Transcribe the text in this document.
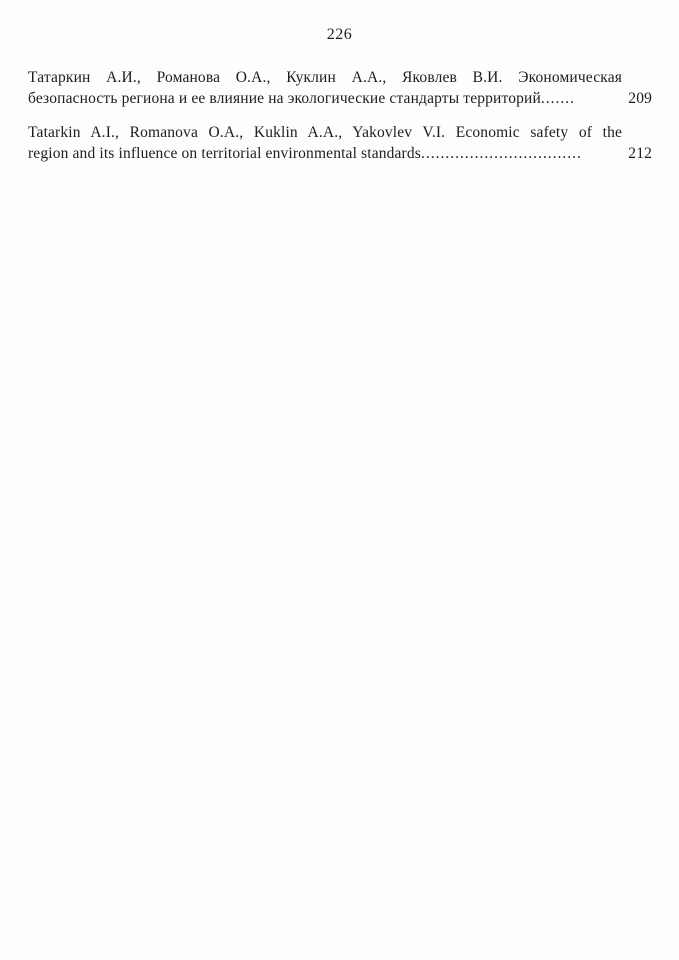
226
Татаркин А.И., Романова О.А., Куклин А.А., Яковлев В.И. Экономическая
безопасность региона и ее влияние на экологические стандарты территорий .......	209
Tatarkin A.I., Romanova O.A., Kuklin A.A., Yakovlev V.I. Economic safety of the
region and its influence on territorial environmental standards .................................	212
